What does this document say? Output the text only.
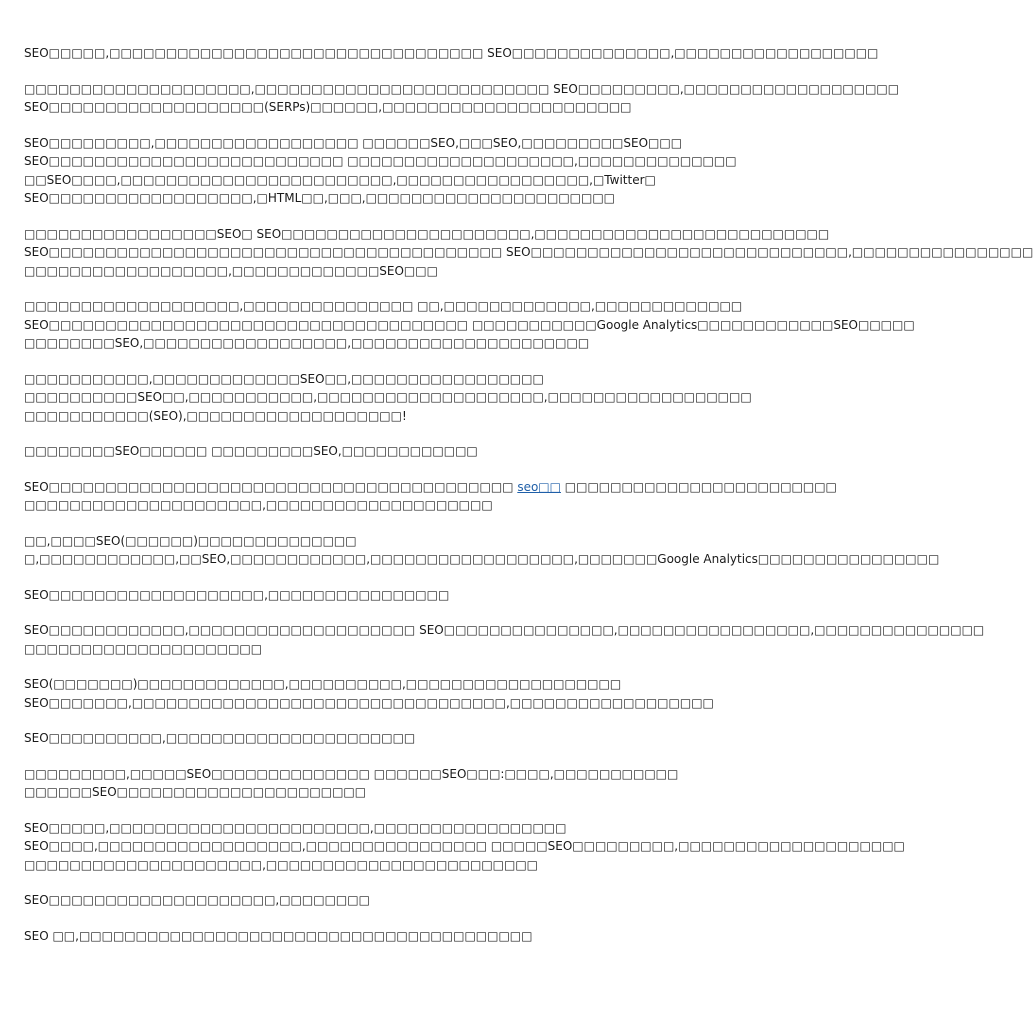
SEO□□□□□,□□□□□□□□□□□□□□□□□□□□□□□□□□□□□□□□□ SEO□□□□□□□□□□□□□□,□□□□□□□□□□□□□□□□□□

□□□□□□□□□□□□□□□□□□□□,□□□□□□□□□□□□□□□□□□□□□□□□□□ SEO□□□□□□□□□,□□□□□□□□□□□□□□□□□□□
SEO□□□□□□□□□□□□□□□□□□□(SERPs)□□□□□□,□□□□□□□□□□□□□□□□□□□□□□

SEO□□□□□□□□□,□□□□□□□□□□□□□□□□□□ □□□□□□SEO,□□□SEO,□□□□□□□□□SEO□□□
SEO□□□□□□□□□□□□□□□□□□□□□□□□□□ □□□□□□□□□□□□□□□□□□□□,□□□□□□□□□□□□□□
□□SEO□□□□,□□□□□□□□□□□□□□□□□□□□□□□□,□□□□□□□□□□□□□□□□□,□Twitter□
SEO□□□□□□□□□□□□□□□□□□,□HTML□□,□□□,□□□□□□□□□□□□□□□□□□□□□□

□□□□□□□□□□□□□□□□□SEO□ SEO□□□□□□□□□□□□□□□□□□□□□□,□□□□□□□□□□□□□□□□□□□□□□□□□□
SEO□□□□□□□□□□□□□□□□□□□□□□□□□□□□□□□□□□□□□□□□ SEO□□□□□□□□□□□□□□□□□□□□□□□□□□□□,□□□□□□□□□□□□□□□□
□□□□□□□□□□□□□□□□□□,□□□□□□□□□□□□□SEO□□□

□□□□□□□□□□□□□□□□□□□,□□□□□□□□□□□□□□□ □□,□□□□□□□□□□□□□,□□□□□□□□□□□□□
SEO□□□□□□□□□□□□□□□□□□□□□□□□□□□□□□□□□□□□□ □□□□□□□□□□□Google Analytics□□□□□□□□□□□□SEO□□□□□
□□□□□□□□SEO,□□□□□□□□□□□□□□□□□□,□□□□□□□□□□□□□□□□□□□□□

□□□□□□□□□□□,□□□□□□□□□□□□□SEO□□,□□□□□□□□□□□□□□□□□
□□□□□□□□□□SEO□□,□□□□□□□□□□□,□□□□□□□□□□□□□□□□□□□□,□□□□□□□□□□□□□□□□□□
□□□□□□□□□□□(SEO),□□□□□□□□□□□□□□□□□□□!

□□□□□□□□SEO□□□□□□ □□□□□□□□□SEO,□□□□□□□□□□□□

SEO□□□□□□□□□□□□□□□□□□□□□□□□□□□□□□□□□□□□□□□□□ seo□□ □□□□□□□□□□□□□□□□□□□□□□□□
□□□□□□□□□□□□□□□□□□□□□,□□□□□□□□□□□□□□□□□□□□

□□,□□□□SEO(□□□□□□)□□□□□□□□□□□□□□
□,□□□□□□□□□□□□,□□SEO,□□□□□□□□□□□□,□□□□□□□□□□□□□□□□□□,□□□□□□□Google Analytics□□□□□□□□□□□□□□□□

SEO□□□□□□□□□□□□□□□□□□□,□□□□□□□□□□□□□□□□

SEO□□□□□□□□□□□□,□□□□□□□□□□□□□□□□□□□□ SEO□□□□□□□□□□□□□□□,□□□□□□□□□□□□□□□□□,□□□□□□□□□□□□□□□
□□□□□□□□□□□□□□□□□□□□□

SEO(□□□□□□□)□□□□□□□□□□□□□,□□□□□□□□□□,□□□□□□□□□□□□□□□□□□□
SEO□□□□□□□,□□□□□□□□□□□□□□□□□□□□□□□□□□□□□□□□□,□□□□□□□□□□□□□□□□□□

SEO□□□□□□□□□□,□□□□□□□□□□□□□□□□□□□□□□

□□□□□□□□□,□□□□□SEO□□□□□□□□□□□□□□ □□□□□□SEO□□□:□□□□,□□□□□□□□□□□
□□□□□□SEO□□□□□□□□□□□□□□□□□□□□□□

SEO□□□□□,□□□□□□□□□□□□□□□□□□□□□□□,□□□□□□□□□□□□□□□□□
SEO□□□□,□□□□□□□□□□□□□□□□□□,□□□□□□□□□□□□□□□□ □□□□□SEO□□□□□□□□□,□□□□□□□□□□□□□□□□□□□□
□□□□□□□□□□□□□□□□□□□□□,□□□□□□□□□□□□□□□□□□□□□□□□

SEO□□□□□□□□□□□□□□□□□□□□,□□□□□□□□

SEO □□,□□□□□□□□□□□□□□□□□□□□□□□□□□□□□□□□□□□□□□□□
